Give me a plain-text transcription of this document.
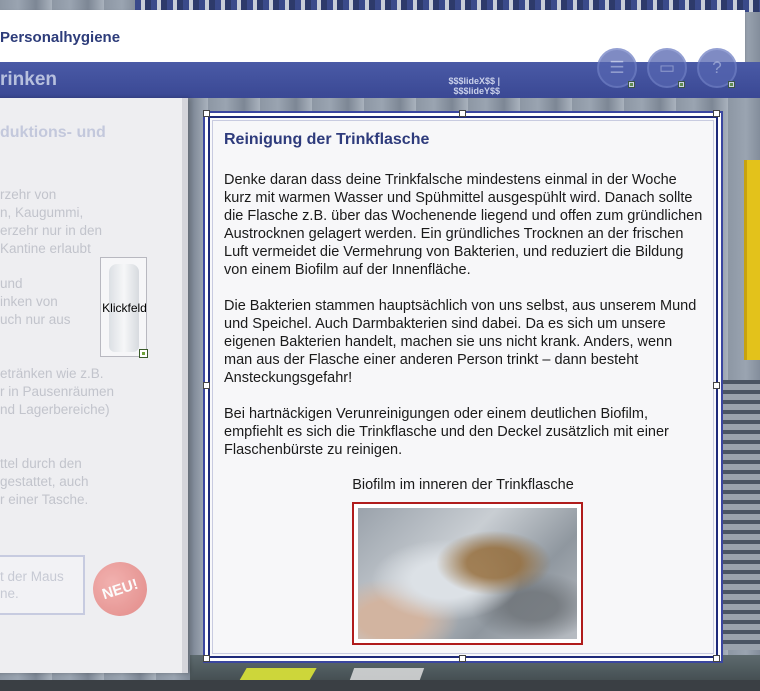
Personalhygiene
rinken	$$$lideX$$ | $$$lideY$$
☰ ▭ ?
duktions- und
rzehr von
n, Kaugummi,
erzehr nur in den
Kantine erlaubt
und
inken von
uch nur aus
etränken wie z.B.
r in Pausenräumen
nd Lagerbereiche)
ttel durch den
gestattet, auch
r einer Tasche.
Klickfeld
t der Maus
ne.	NEU!
Reinigung der Trinkflasche
Denke daran dass deine Trinkfalsche mindestens einmal in der Woche kurz mit warmen Wasser und Spühmittel ausgespühlt wird. Danach sollte die Flasche z.B. über das Wochenende liegend und offen zum gründlichen Austrocknen gelagert werden. Ein gründliches Trocknen an der frischen Luft vermeidet die Vermehrung von Bakterien, und reduziert die Bildung von einem Biofilm auf der Innenfläche.
Die Bakterien stammen hauptsächlich von uns selbst, aus unserem Mund und Speichel. Auch Darmbakterien sind dabei. Da es sich um unsere eigenen Bakterien handelt, machen sie uns nicht krank. Anders, wenn man aus der Flasche einer anderen Person trinkt – dann besteht Ansteckungsgefahr!
Bei hartnäckigen Verunreinigungen oder einem deutlichen Biofilm, empfiehlt es sich die Trinkflasche und den Deckel zusätzlich mit einer Flaschenbürste zu reinigen.
Biofilm im inneren der Trinkflasche
